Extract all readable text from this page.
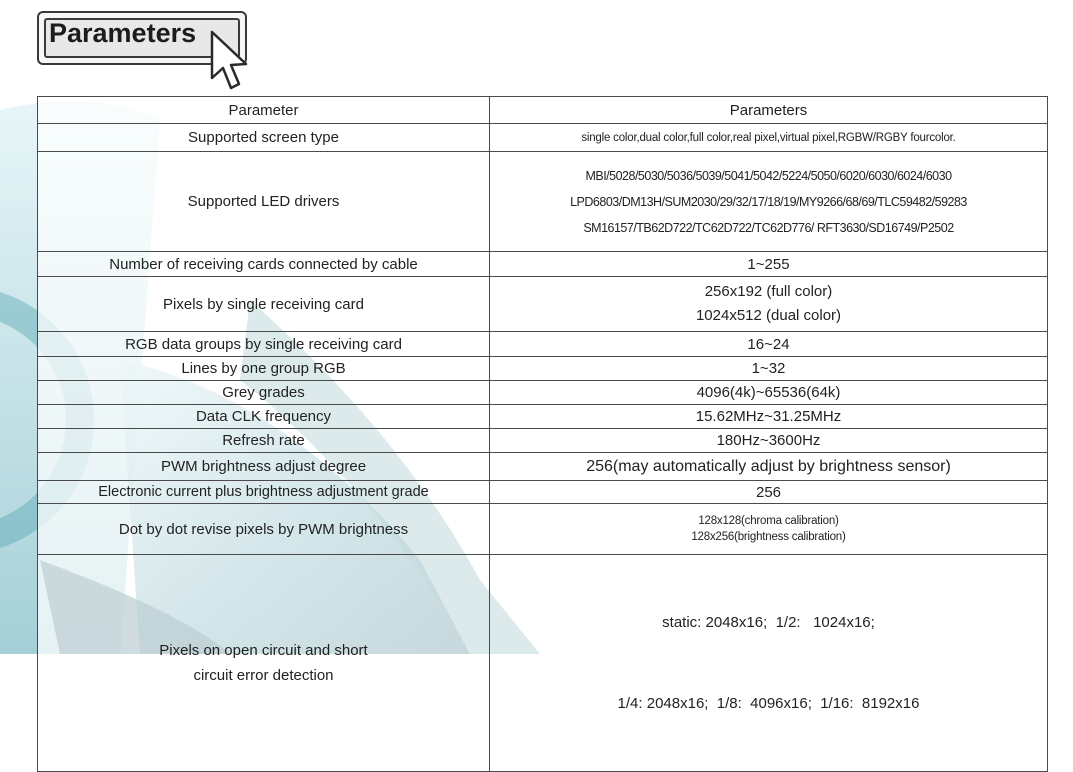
Parameters
Parameter	Parameters
Supported screen type	single color,dual color,full color,real pixel,virtual pixel,RGBW/RGBY fourcolor.
Supported LED drivers	MBI/5028/5030/5036/5039/5041/5042/5224/5050/6020/6030/6024/6030
LPD6803/DM13H/SUM2030/29/32/17/18/19/MY9266/68/69/TLC59482/59283
SM16157/TB62D722/TC62D722/TC62D776/ RFT3630/SD16749/P2502

Number of receiving cards connected by cable	1~255
Pixels by single receiving card	256x192 (full color)
1024x512 (dual color)

RGB data groups by single receiving card	16~24
Lines by one group RGB	1~32
Grey grades	4096(4k)~65536(64k)
Data CLK frequency	15.62MHz~31.25MHz
Refresh rate	180Hz~3600Hz
PWM brightness adjust degree	256(may automatically adjust by brightness sensor)
Electronic current plus brightness adjustment grade	256
Dot by dot revise pixels by PWM brightness	128x128(chroma calibration)
128x256(brightness calibration)

Pixels on open circuit and short
circuit error detection	static: 2048x16;  1/2:   1024x16;

1/4: 2048x16;  1/8:  4096x16;  1/16:  8192x16
